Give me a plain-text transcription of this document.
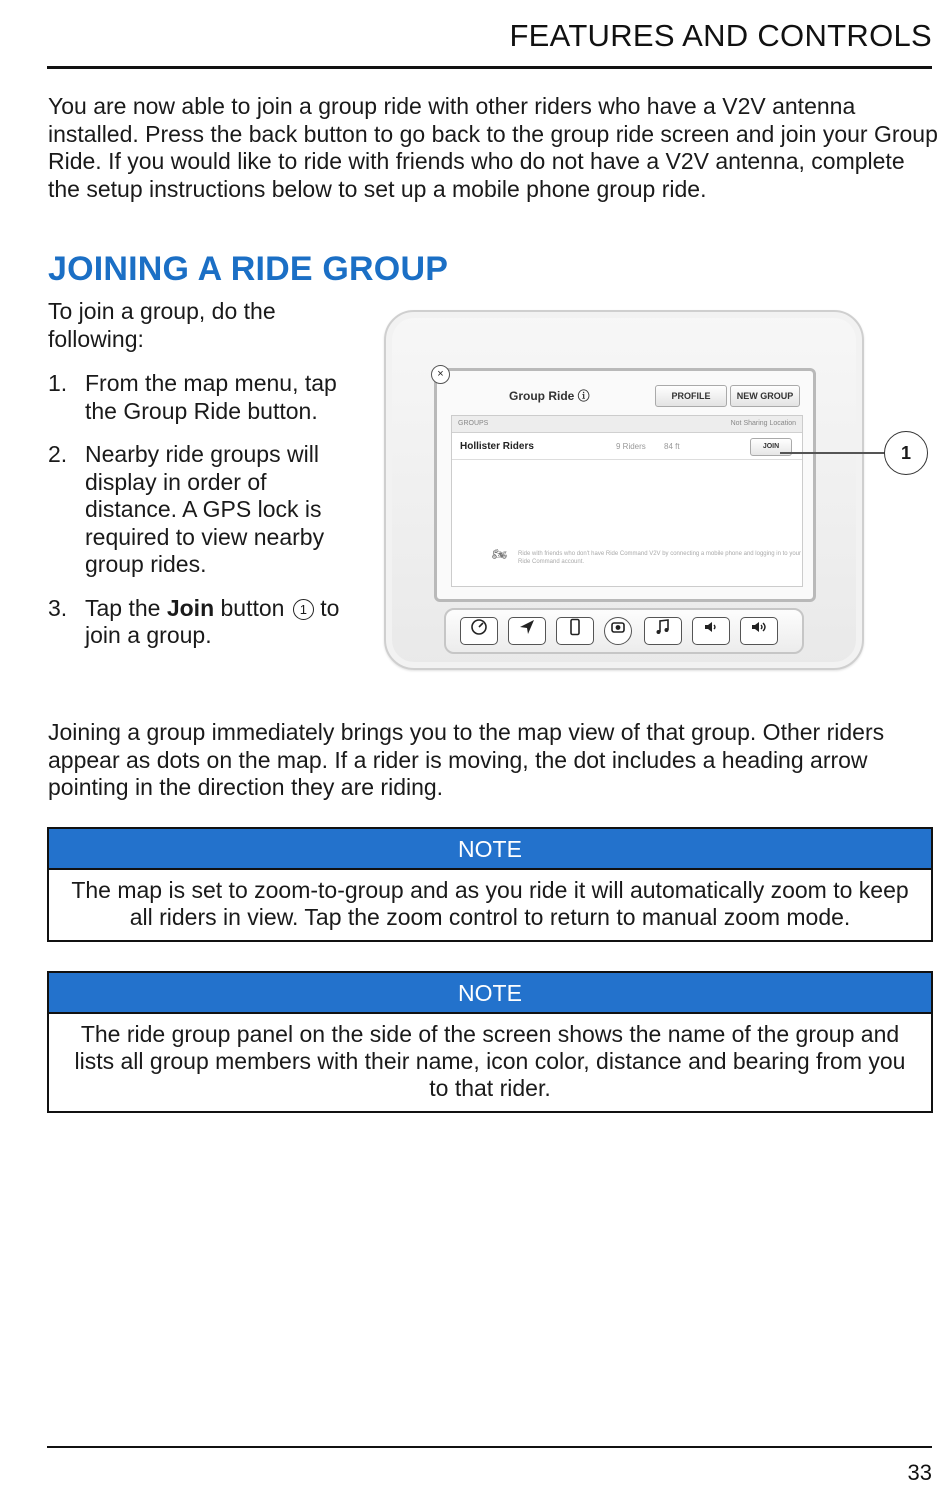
FEATURES AND CONTROLS

You are now able to join a group ride with other riders who have a V2V antenna installed. Press the back button to go back to the group ride screen and join your Group Ride. If you would like to ride with friends who do not have a V2V antenna, complete the setup instructions below to set up a mobile phone group ride.

JOINING A RIDE GROUP
To join a group, do the following:
1. From the map menu, tap the Group Ride button.
2. Nearby ride groups will display in order of distance. A GPS lock is required to view nearby group rides.
3. Tap the Join button 1 to join a group.
×
Group Ride ⓘ	PROFILE	NEW GROUP
GROUPS	Not Sharing Location
Hollister Riders	9 Riders 84 ft	JOIN
🏍 Ride with friends who don't have Ride Command V2V by connecting a mobile phone and logging in to your Ride Command account.
1

Joining a group immediately brings you to the map view of that group. Other riders appear as dots on the map. If a rider is moving, the dot includes a heading arrow pointing in the direction they are riding.

NOTE
The map is set to zoom-to-group and as you ride it will automatically zoom to keep all riders in view. Tap the zoom control to return to manual zoom mode.
NOTE
The ride group panel on the side of the screen shows the name of the group and lists all group members with their name, icon color, distance and bearing from you to that rider.
33
